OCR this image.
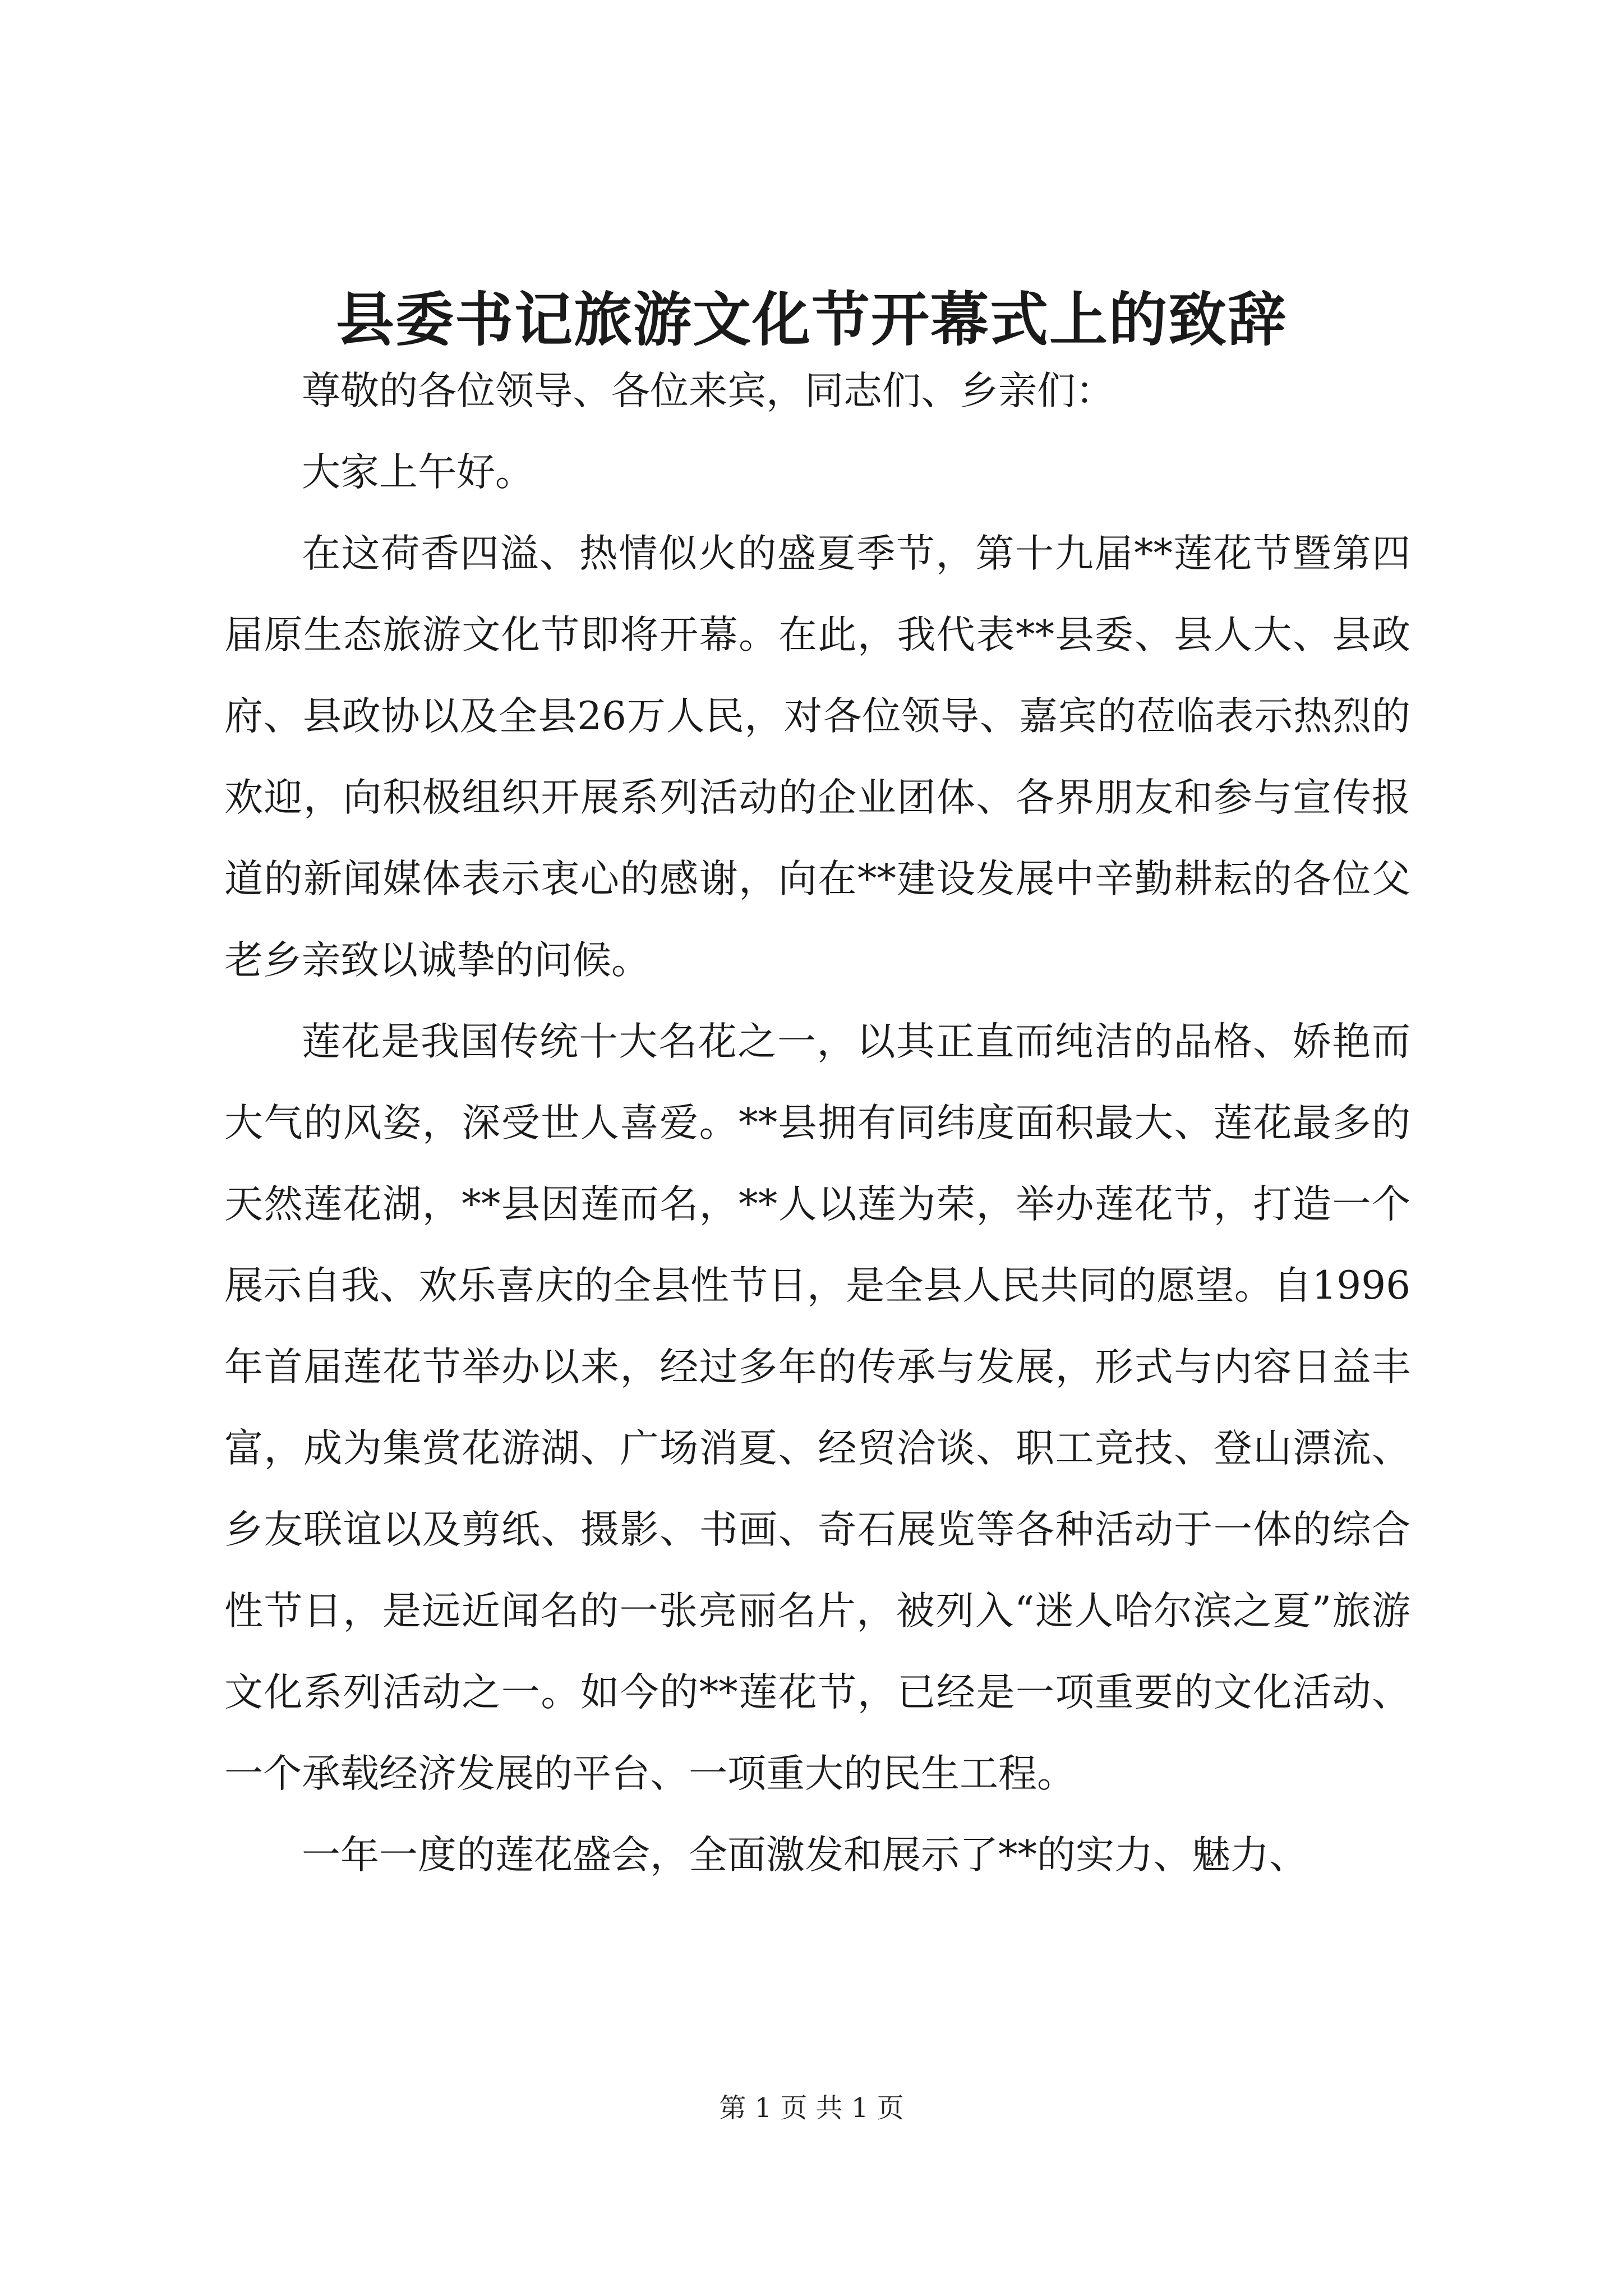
县委书记旅游文化节开幕式上的致辞

尊敬的各位领导、各位来宾，同志们、乡亲们：

大家上午好。

在这荷香四溢、热情似火的盛夏季节，第十九届**莲花节暨第四届原生态旅游文化节即将开幕。在此，我代表**县委、县人大、县政府、县政协以及全县26万人民，对各位领导、嘉宾的莅临表示热烈的欢迎，向积极组织开展系列活动的企业团体、各界朋友和参与宣传报道的新闻媒体表示衷心的感谢，向在**建设发展中辛勤耕耘的各位父老乡亲致以诚挚的问候。

莲花是我国传统十大名花之一，以其正直而纯洁的品格、娇艳而大气的风姿，深受世人喜爱。**县拥有同纬度面积最大、莲花最多的天然莲花湖，**县因莲而名，**人以莲为荣，举办莲花节，打造一个展示自我、欢乐喜庆的全县性节日，是全县人民共同的愿望。自1996年首届莲花节举办以来，经过多年的传承与发展，形式与内容日益丰富，成为集赏花游湖、广场消夏、经贸洽谈、职工竞技、登山漂流、乡友联谊以及剪纸、摄影、书画、奇石展览等各种活动于一体的综合性节日，是远近闻名的一张亮丽名片，被列入“迷人哈尔滨之夏”旅游文化系列活动之一。如今的**莲花节，已经是一项重要的文化活动、一个承载经济发展的平台、一项重大的民生工程。

一年一度的莲花盛会，全面激发和展示了**的实力、魅力、

第 1 页 共 1 页
